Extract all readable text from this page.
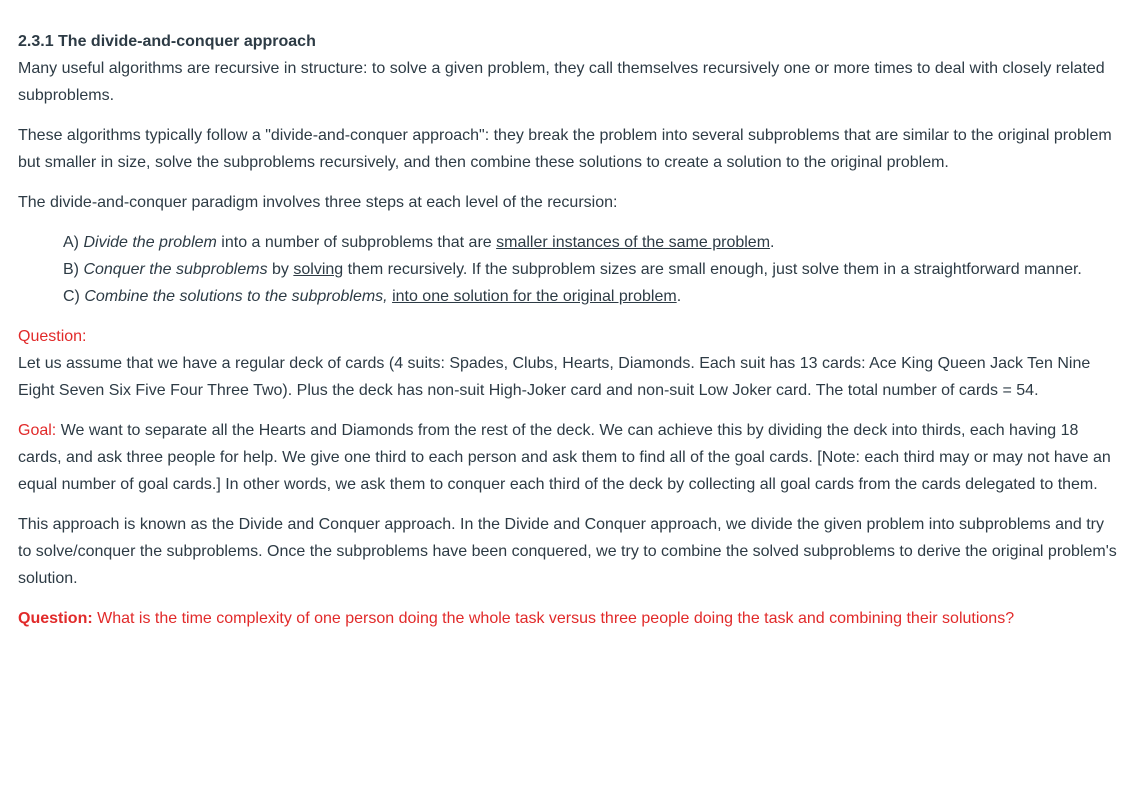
2.3.1 The divide-and-conquer approach

Many useful algorithms are recursive in structure: to solve a given problem, they call themselves recursively one or more times to deal with closely related subproblems.

These algorithms typically follow a "divide-and-conquer approach": they break the problem into several subproblems that are similar to the original problem but smaller in size, solve the subproblems recursively, and then combine these solutions to create a solution to the original problem.

The divide-and-conquer paradigm involves three steps at each level of the recursion:

A) Divide the problem into a number of subproblems that are smaller instances of the same problem.
B) Conquer the subproblems by solving them recursively. If the subproblem sizes are small enough, just solve them in a straightforward manner.
C) Combine the solutions to the subproblems, into one solution for the original problem.

Question:

Let us assume that we have a regular deck of cards (4 suits: Spades, Clubs, Hearts, Diamonds. Each suit has 13 cards: Ace King Queen Jack Ten Nine Eight Seven Six Five Four Three Two). Plus the deck has non-suit High-Joker card and non-suit Low Joker card. The total number of cards = 54.

Goal: We want to separate all the Hearts and Diamonds from the rest of the deck. We can achieve this by dividing the deck into thirds, each having 18 cards, and ask three people for help. We give one third to each person and ask them to find all of the goal cards. [Note: each third may or may not have an equal number of goal cards.] In other words, we ask them to conquer each third of the deck by collecting all goal cards from the cards delegated to them.

This approach is known as the Divide and Conquer approach. In the Divide and Conquer approach, we divide the given problem into subproblems and try to solve/conquer the subproblems. Once the subproblems have been conquered, we try to combine the solved subproblems to derive the original problem's solution.

Question: What is the time complexity of one person doing the whole task versus three people doing the task and combining their solutions?
